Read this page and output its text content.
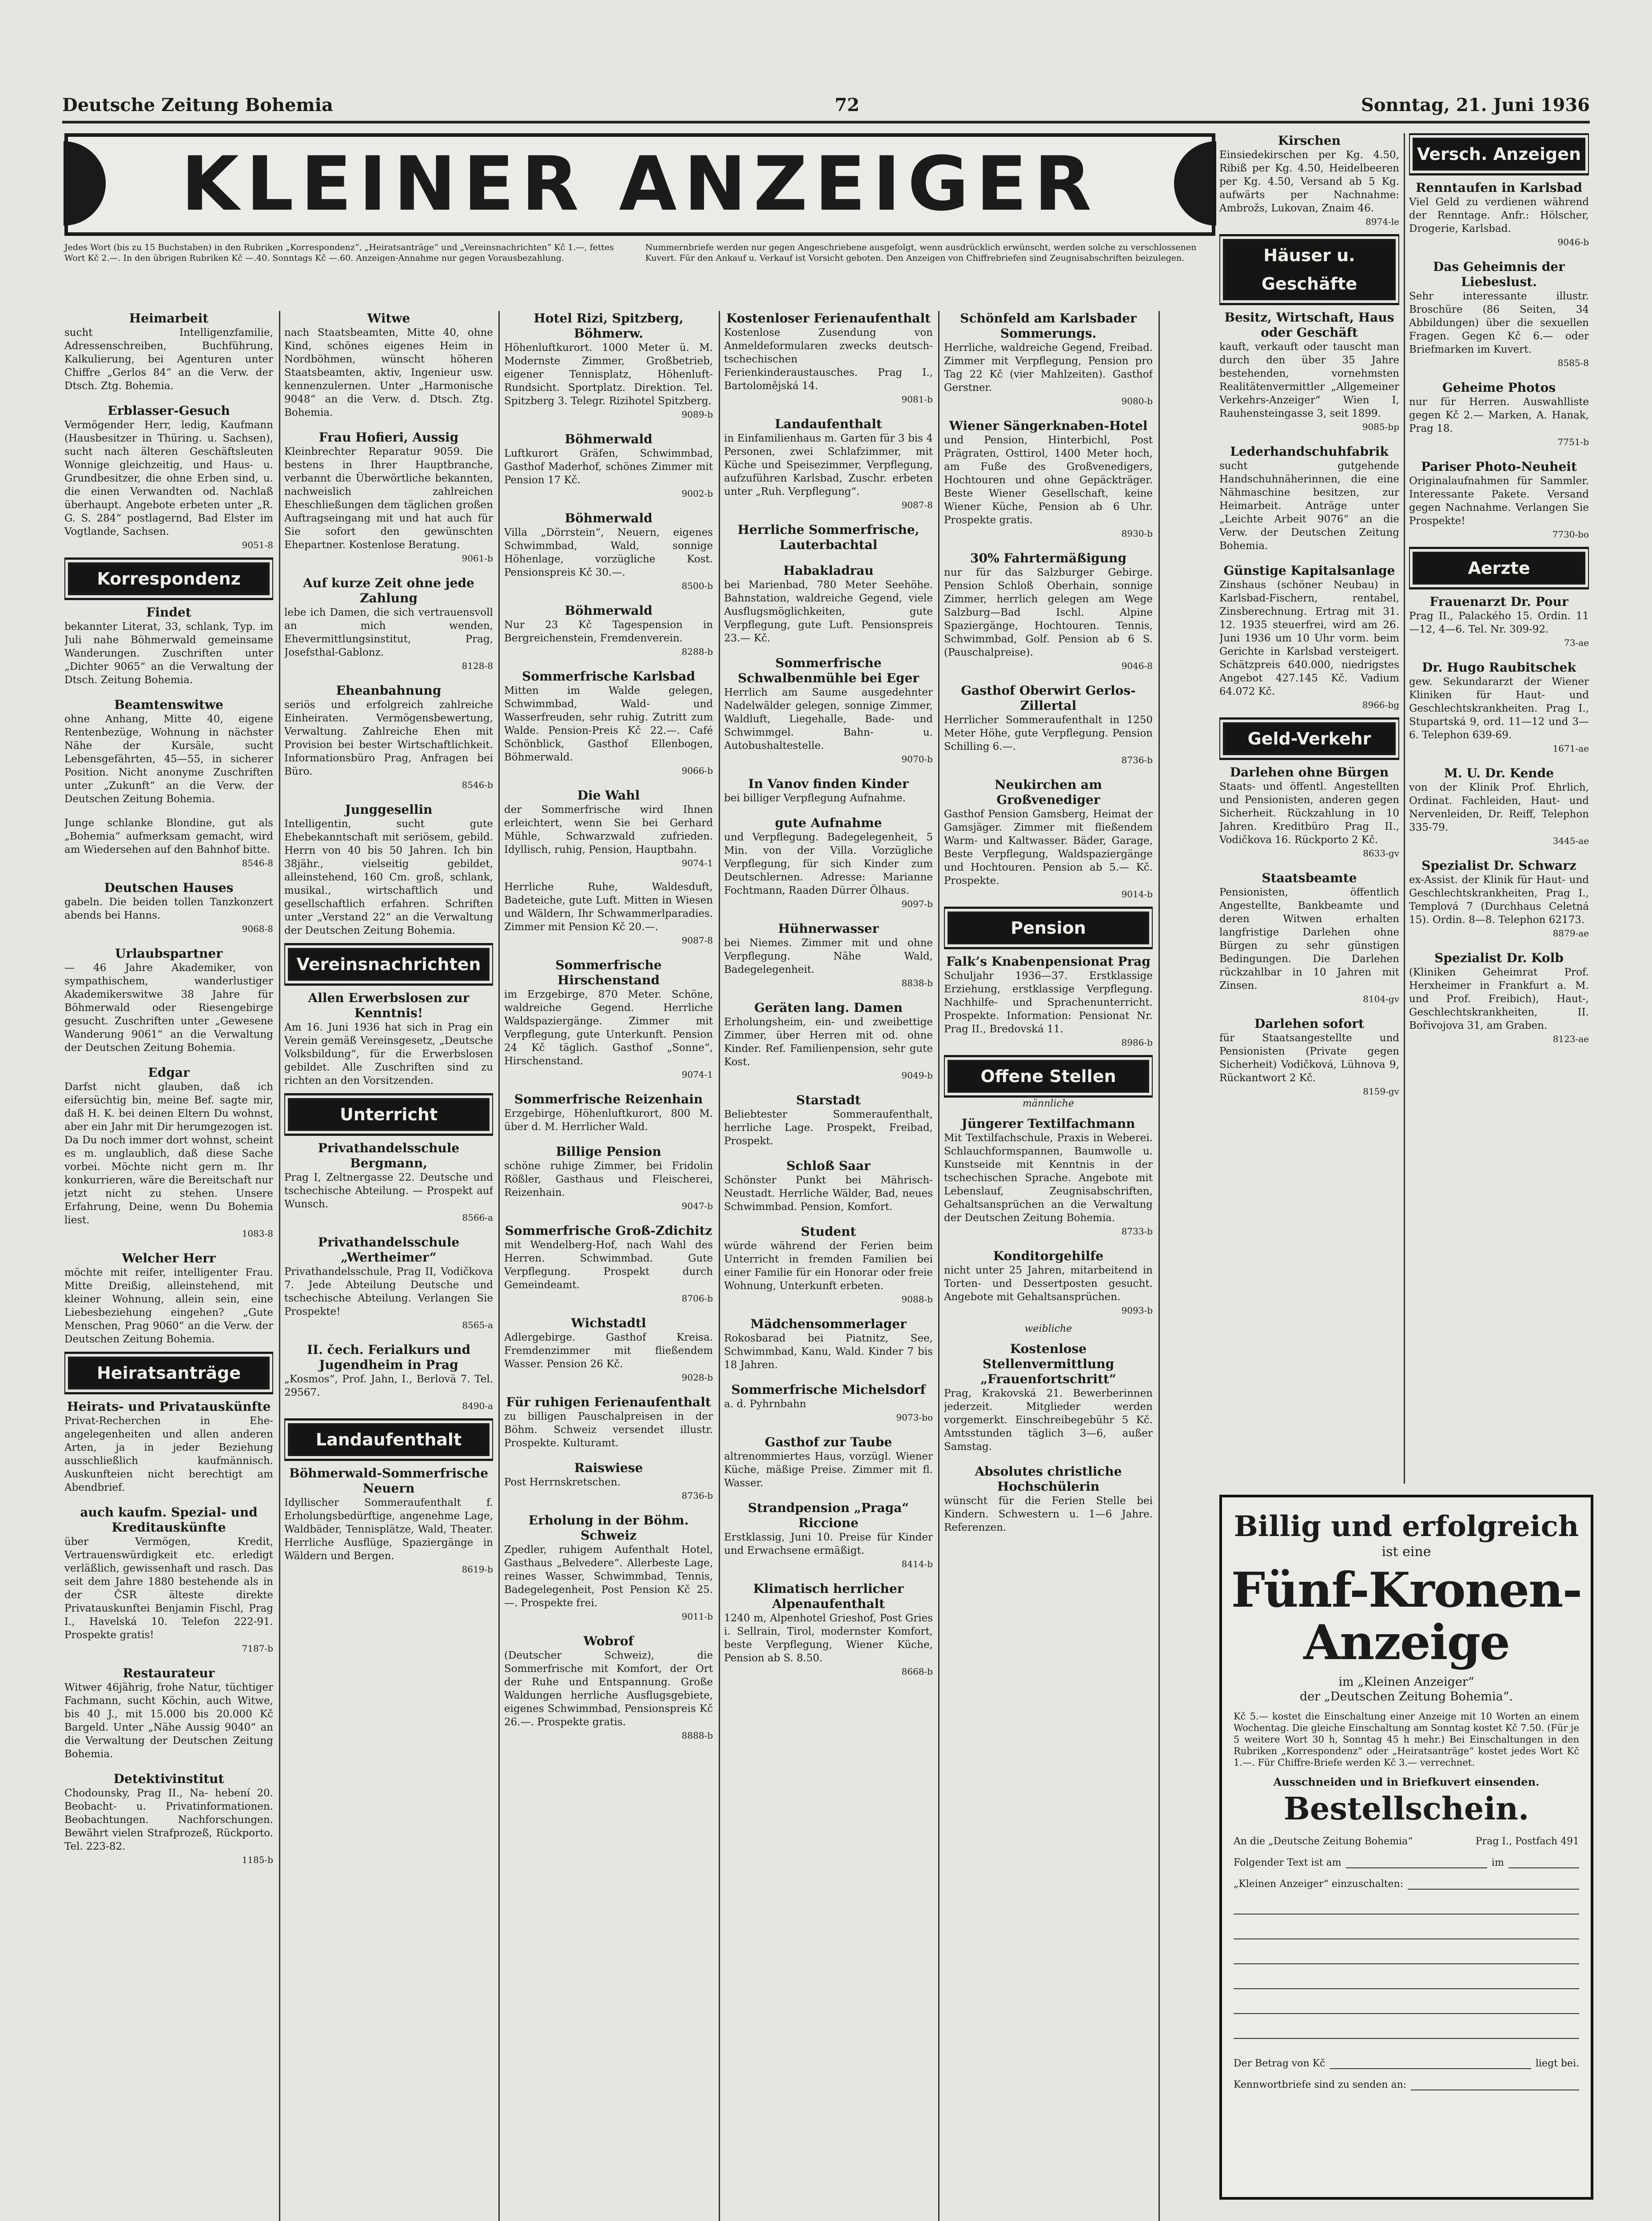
Deutsche Zeitung Bohemia	72	Sonntag, 21. Juni 1936
KLEINER ANZEIGER
Jedes Wort (bis zu 15 Buchstaben) in den Rubriken „Korrespondenz“, „Heiratsanträge“ und „Vereinsnachrichten“ Kč 1.—, fettes Wort Kč 2.—. In den übrigen Rubriken Kč —.40. Sonntags Kč —.60. Anzeigen-Annahme nur gegen Vorausbezahlung.
Nummernbriefe werden nur gegen Angeschriebene ausgefolgt, wenn ausdrücklich erwünscht, werden solche zu verschlossenen Kuvert. Für den Ankauf u. Verkauf ist Vorsicht geboten. Den Anzeigen von Chiffrebriefen sind Zeugnisabschriften beizulegen.
Heimarbeit
sucht Intelligenzfamilie, Adressenschreiben, Buchführung, Kalkulierung, bei Agenturen unter Chiffre „Gerlos 84“ an die Verw. der Dtsch. Ztg. Bohemia.
Erblasser-Gesuch
Vermögender Herr, ledig, Kaufmann (Hausbesitzer in Thüring. u. Sachsen), sucht nach älteren Geschäftsleuten Wonnige gleichzeitig, und Haus- u. Grundbesitzer, die ohne Erben sind, u. die einen Verwandten od. Nachlaß überhaupt. Angebote erbeten unter „R. G. S. 284“ postlagernd, Bad Elster im Vogtlande, Sachsen.
9051-8
Korrespondenz
Findet
bekannter Literat, 33, schlank, Typ. im Juli nahe Böhmerwald gemeinsame Wanderungen. Zuschriften unter „Dichter 9065“ an die Verwaltung der Dtsch. Zeitung Bohemia.
Beamtenswitwe
ohne Anhang, Mitte 40, eigene Rentenbezüge, Wohnung in nächster Nähe der Kursäle, sucht Lebensgefährten, 45—55, in sicherer Position. Nicht anonyme Zuschriften unter „Zukunft“ an die Verw. der Deutschen Zeitung Bohemia.
Junge schlanke Blondine, gut als „Bohemia“ aufmerksam gemacht, wird am Wiedersehen auf den Bahnhof bitte.
8546-8
Deutschen Hauses
gabeln. Die beiden tollen Tanzkonzert abends bei Hanns.
9068-8
Urlaubspartner
— 46 Jahre Akademiker, von sympathischem, wanderlustiger Akademikerswitwe 38 Jahre für Böhmerwald oder Riesengebirge gesucht. Zuschriften unter „Gewesene Wanderung 9061“ an die Verwaltung der Deutschen Zeitung Bohemia.
Edgar
Darfst nicht glauben, daß ich eifersüchtig bin, meine Bef. sagte mir, daß H. K. bei deinen Eltern Du wohnst, aber ein Jahr mit Dir herumgezogen ist. Da Du noch immer dort wohnst, scheint es m. unglaublich, daß diese Sache vorbei. Möchte nicht gern m. Ihr konkurrieren, wäre die Bereitschaft nur jetzt nicht zu stehen. Unsere Erfahrung, Deine, wenn Du Bohemia liest.
1083-8
Welcher Herr
möchte mit reifer, intelligenter Frau. Mitte Dreißig, alleinstehend, mit kleiner Wohnung, allein sein, eine Liebesbeziehung eingehen? „Gute Menschen, Prag 9060“ an die Verw. der Deutschen Zeitung Bohemia.
Heiratsanträge
Heirats- und Privatauskünfte
Privat-Recherchen in Ehe- angelegenheiten und allen anderen Arten, ja in jeder Beziehung ausschließlich kaufmännisch. Auskunfteien nicht berechtigt am Abendbrief.
auch kaufm. Spezial- und Kreditauskünfte
über Vermögen, Kredit, Vertrauenswürdigkeit etc. erledigt verläßlich, gewissenhaft und rasch. Das seit dem Jahre 1880 bestehende als in der ČSR älteste direkte Privatauskunftei Benjamin Fischl, Prag I., Havelská 10. Telefon 222-91. Prospekte gratis!
7187-b
Restaurateur
Witwer 46jährig, frohe Natur, tüchtiger Fachmann, sucht Köchin, auch Witwe, bis 40 J., mit 15.000 bis 20.000 Kč Bargeld. Unter „Nähe Aussig 9040“ an die Verwaltung der Deutschen Zeitung Bohemia.
Detektivinstitut
Chodounsky, Prag II., Na- hebení 20. Beobacht- u. Privatinformationen. Beobachtungen. Nachforschungen. Bewährt vielen Strafprozeß, Rückporto. Tel. 223-82.
1185-b
Witwe
nach Staatsbeamten, Mitte 40, ohne Kind, schönes eigenes Heim in Nordböhmen, wünscht höheren Staatsbeamten, aktiv, Ingenieur usw. kennenzulernen. Unter „Harmonische 9048“ an die Verw. d. Dtsch. Ztg. Bohemia.
Frau Hofieri, Aussig
Kleinbrechter Reparatur 9059. Die bestens in Ihrer Hauptbranche, verbannt die Überwörtliche bekannten, nachweislich zahlreichen Eheschließungen dem täglichen großen Auftragseingang mit und hat auch für Sie sofort den gewünschten Ehepartner. Kostenlose Beratung.
9061-b
Auf kurze Zeit ohne jede Zahlung
lebe ich Damen, die sich vertrauensvoll an mich wenden, Ehevermittlungsinstitut, Prag, Josefsthal-Gablonz.
8128-8
Eheanbahnung
seriös und erfolgreich zahlreiche Einheiraten. Vermögensbewertung, Verwaltung. Zahlreiche Ehen mit Provision bei bester Wirtschaftlichkeit. Informationsbüro Prag, Anfragen bei Büro.
8546-b
Junggesellin
Intelligentin, sucht gute Ehebekanntschaft mit seriösem, gebild. Herrn von 40 bis 50 Jahren. Ich bin 38jähr., vielseitig gebildet, alleinstehend, 160 Cm. groß, schlank, musikal., wirtschaftlich und gesellschaftlich erfahren. Schriften unter „Verstand 22“ an die Verwaltung der Deutschen Zeitung Bohemia.
Vereinsnachrichten
Allen Erwerbslosen zur Kenntnis!
Am 16. Juni 1936 hat sich in Prag ein Verein gemäß Vereinsgesetz, „Deutsche Volksbildung“, für die Erwerbslosen gebildet. Alle Zuschriften sind zu richten an den Vorsitzenden.
Unterricht
Privathandelsschule Bergmann,
Prag I, Zeltnergasse 22. Deutsche und tschechische Abteilung. — Prospekt auf Wunsch.
8566-a
Privathandelsschule „Wertheimer“
Privathandelsschule, Prag II, Vodičkova 7. Jede Abteilung Deutsche und tschechische Abteilung. Verlangen Sie Prospekte!
8565-a
II. čech. Ferialkurs und Jugendheim in Prag
„Kosmos“, Prof. Jahn, I., Berlovä 7. Tel. 29567.
8490-a
Landaufenthalt
Böhmerwald-Sommerfrische Neuern
Idyllischer Sommeraufenthalt f. Erholungsbedürftige, angenehme Lage, Waldbäder, Tennisplätze, Wald, Theater. Herrliche Ausflüge, Spaziergänge in Wäldern und Bergen.
8619-b
Hotel Rizi, Spitzberg, Böhmerw.
Höhenluftkurort. 1000 Meter ü. M. Modernste Zimmer, Großbetrieb, eigener Tennisplatz, Höhenluft-Rundsicht. Sportplatz. Direktion. Tel. Spitzberg 3. Telegr. Rizihotel Spitzberg.
9089-b
Böhmerwald
Luftkurort Gräfen, Schwimmbad, Gasthof Maderhof, schönes Zimmer mit Pension 17 Kč.
9002-b
Böhmerwald
Villa „Dörrstein“, Neuern, eigenes Schwimmbad, Wald, sonnige Höhenlage, vorzügliche Kost. Pensionspreis Kč 30.—.
8500-b
Böhmerwald
Nur 23 Kč Tagespension in Bergreichenstein, Fremdenverein.
8288-b
Sommerfrische Karlsbad
Mitten im Walde gelegen, Schwimmbad, Wald- und Wasserfreuden, sehr ruhig. Zutritt zum Walde. Pension-Preis Kč 22.—. Café Schönblick, Gasthof Ellenbogen, Böhmerwald.
9066-b
Die Wahl
der Sommerfrische wird Ihnen erleichtert, wenn Sie bei Gerhard Mühle, Schwarzwald zufrieden. Idyllisch, ruhig, Pension, Hauptbahn.
9074-1
Herrliche Ruhe, Waldesduft, Badeteiche, gute Luft. Mitten in Wiesen und Wäldern, Ihr Schwammerlparadies. Zimmer mit Pension Kč 20.—.
9087-8
Sommerfrische Hirschenstand
im Erzgebirge, 870 Meter. Schöne, waldreiche Gegend. Herrliche Waldspaziergänge. Zimmer mit Verpflegung, gute Unterkunft. Pension 24 Kč täglich. Gasthof „Sonne“, Hirschenstand.
9074-1
Sommerfrische Reizenhain
Erzgebirge, Höhenluftkurort, 800 M. über d. M. Herrlicher Wald.
Billige Pension
schöne ruhige Zimmer, bei Fridolin Rößler, Gasthaus und Fleischerei, Reizenhain.
9047-b
Sommerfrische Groß-Zdichitz
mit Wendelberg-Hof, nach Wahl des Herren. Schwimmbad. Gute Verpflegung. Prospekt durch Gemeindeamt.
8706-b
Wichstadtl
Adlergebirge. Gasthof Kreisa. Fremdenzimmer mit fließendem Wasser. Pension 26 Kč.
9028-b
Für ruhigen Ferienaufenthalt
zu billigen Pauschalpreisen in der Böhm. Schweiz versendet illustr. Prospekte. Kulturamt.
Raiswiese
Post Herrnskretschen.
8736-b
Erholung in der Böhm. Schweiz
Zpedler, ruhigem Aufenthalt Hotel, Gasthaus „Belvedere“. Allerbeste Lage, reines Wasser, Schwimmbad, Tennis, Badegelegenheit, Post Pension Kč 25.—. Prospekte frei.
9011-b
Wobrof
(Deutscher Schweiz), die Sommerfrische mit Komfort, der Ort der Ruhe und Entspannung. Große Waldungen herrliche Ausflugsgebiete, eigenes Schwimmbad, Pensionspreis Kč 26.—. Prospekte gratis.
8888-b
Kostenloser Ferienaufenthalt
Kostenlose Zusendung von Anmeldeformularen zwecks deutsch-tschechischen Ferienkinderaustausches. Prag I., Bartolomějská 14.
9081-b
Landaufenthalt
in Einfamilienhaus m. Garten für 3 bis 4 Personen, zwei Schlafzimmer, mit Küche und Speisezimmer, Verpflegung, aufzuführen Karlsbad, Zuschr. erbeten unter „Ruh. Verpflegung“.
9087-8
Herrliche Sommerfrische, Lauterbachtal
Habakladrau
bei Marienbad, 780 Meter Seehöhe. Bahnstation, waldreiche Gegend, viele Ausflugsmöglichkeiten, gute Verpflegung, gute Luft. Pensionspreis 23.— Kč.
Sommerfrische Schwalbenmühle bei Eger
Herrlich am Saume ausgedehnter Nadelwälder gelegen, sonnige Zimmer, Waldluft, Liegehalle, Bade- und Schwimmgel. Bahn- u. Autobushaltestelle.
9070-b
In Vanov finden Kinder
bei billiger Verpflegung Aufnahme.
gute Aufnahme
und Verpflegung. Badegelegenheit, 5 Min. von der Villa. Vorzügliche Verpflegung, für sich Kinder zum Deutschlernen. Adresse: Marianne Fochtmann, Raaden Dürrer Ölhaus.
9097-b
Hühnerwasser
bei Niemes. Zimmer mit und ohne Verpflegung. Nähe Wald, Badegelegenheit.
8838-b
Geräten lang. Damen
Erholungsheim, ein- und zweibettige Zimmer, über Herren mit od. ohne Kinder. Ref. Familienpension, sehr gute Kost.
9049-b
Starstadt
Beliebtester Sommeraufenthalt, herrliche Lage. Prospekt, Freibad, Prospekt.
Schloß Saar
Schönster Punkt bei Mährisch-Neustadt. Herrliche Wälder, Bad, neues Schwimmbad. Pension, Komfort.
Student
würde während der Ferien beim Unterricht in fremden Familien bei einer Familie für ein Honorar oder freie Wohnung, Unterkunft erbeten.
9088-b
Mädchensommerlager
Rokosbarad bei Piatnitz, See, Schwimmbad, Kanu, Wald. Kinder 7 bis 18 Jahren.
Sommerfrische Michelsdorf
a. d. Pyhrnbahn
9073-bo
Gasthof zur Taube
altrenommiertes Haus, vorzügl. Wiener Küche, mäßige Preise. Zimmer mit fl. Wasser.
Strandpension „Praga“ Riccione
Erstklassig, Juni 10. Preise für Kinder und Erwachsene ermäßigt.
8414-b
Klimatisch herrlicher Alpenaufenthalt
1240 m, Alpenhotel Grieshof, Post Gries i. Sellrain, Tirol, modernster Komfort, beste Verpflegung, Wiener Küche, Pension ab S. 8.50.
8668-b
Schönfeld am Karlsbader Sommerungs.
Herrliche, waldreiche Gegend, Freibad. Zimmer mit Verpflegung, Pension pro Tag 22 Kč (vier Mahlzeiten). Gasthof Gerstner.
9080-b
Wiener Sängerknaben-Hotel
und Pension, Hinterbichl, Post Prägraten, Osttirol, 1400 Meter hoch, am Fuße des Großvenedigers, Hochtouren und ohne Gepäckträger. Beste Wiener Gesellschaft, keine Wiener Küche, Pension ab 6 Uhr. Prospekte gratis.
8930-b
30% Fahrtermäßigung
nur für das Salzburger Gebirge. Pension Schloß Oberhain, sonnige Zimmer, herrlich gelegen am Wege Salzburg—Bad Ischl. Alpine Spaziergänge, Hochtouren. Tennis, Schwimmbad, Golf. Pension ab 6 S. (Pauschalpreise).
9046-8
Gasthof Oberwirt Gerlos-Zillertal
Herrlicher Sommeraufenthalt in 1250 Meter Höhe, gute Verpflegung. Pension Schilling 6.—.
8736-b
Neukirchen am Großvenediger
Gasthof Pension Gamsberg, Heimat der Gamsjäger. Zimmer mit fließendem Warm- und Kaltwasser. Bäder, Garage, Beste Verpflegung, Waldspaziergänge und Hochtouren. Pension ab 5.— Kč. Prospekte.
9014-b
Pension
Falk’s Knabenpensionat Prag
Schuljahr 1936—37. Erstklassige Erziehung, erstklassige Verpflegung. Nachhilfe- und Sprachenunterricht. Prospekte. Information: Pensionat Nr. Prag II., Bredovská 11.
8986-b
Offene Stellen
männliche
Jüngerer Textilfachmann
Mit Textilfachschule, Praxis in Weberei. Schlauchformspannen, Baumwolle u. Kunstseide mit Kenntnis in der tschechischen Sprache. Angebote mit Lebenslauf, Zeugnisabschriften, Gehaltsansprüchen an die Verwaltung der Deutschen Zeitung Bohemia.
8733-b
Konditorgehilfe
nicht unter 25 Jahren, mitarbeitend in Torten- und Dessertposten gesucht. Angebote mit Gehaltsansprüchen.
9093-b
weibliche
Kostenlose Stellenvermittlung „Frauenfortschritt“
Prag, Krakovská 21. Bewerberinnen jederzeit. Mitglieder werden vorgemerkt. Einschreibegebühr 5 Kč. Amtsstunden täglich 3—6, außer Samstag.
Absolutes christliche Hochschülerin
wünscht für die Ferien Stelle bei Kindern. Schwestern u. 1—6 Jahre. Referenzen.
Kirschen
Einsiedekirschen per Kg. 4.50, Ribiß per Kg. 4.50, Heidelbeeren per Kg. 4.50, Versand ab 5 Kg. aufwärts per Nachnahme: Ambrožs, Lukovan, Znaim 46.
8974-le
Häuser u. Geschäfte
Besitz, Wirtschaft, Haus oder Geschäft
kauft, verkauft oder tauscht man durch den über 35 Jahre bestehenden, vornehmsten Realitätenvermittler „Allgemeiner Verkehrs-Anzeiger“ Wien I, Rauhensteingasse 3, seit 1899.
9085-bp
Lederhandschuhfabrik
sucht gutgehende Handschuhnäherinnen, die eine Nähmaschine besitzen, zur Heimarbeit. Anträge unter „Leichte Arbeit 9076“ an die Verw. der Deutschen Zeitung Bohemia.
Günstige Kapitalsanlage
Zinshaus (schöner Neubau) in Karlsbad-Fischern, rentabel, Zinsberechnung. Ertrag mit 31. 12. 1935 steuerfrei, wird am 26. Juni 1936 um 10 Uhr vorm. beim Gerichte in Karlsbad versteigert. Schätzpreis 640.000, niedrigstes Angebot 427.145 Kč. Vadium 64.072 Kč.
8966-bg
Geld-Verkehr
Darlehen ohne Bürgen
Staats- und öffentl. Angestellten und Pensionisten, anderen gegen Sicherheit. Rückzahlung in 10 Jahren. Kreditbüro Prag II., Vodičkova 16. Rückporto 2 Kč.
8633-gv
Staatsbeamte
Pensionisten, öffentlich Angestellte, Bankbeamte und deren Witwen erhalten langfristige Darlehen ohne Bürgen zu sehr günstigen Bedingungen. Die Darlehen rückzahlbar in 10 Jahren mit Zinsen.
8104-gv
Darlehen sofort
für Staatsangestellte und Pensionisten (Private gegen Sicherheit) Vodičková, Lühnova 9, Rückantwort 2 Kč.
8159-gv
Versch. Anzeigen
Renntaufen in Karlsbad
Viel Geld zu verdienen während der Renntage. Anfr.: Hölscher, Drogerie, Karlsbad.
9046-b
Das Geheimnis der Liebeslust.
Sehr interessante illustr. Broschüre (86 Seiten, 34 Abbildungen) über die sexuellen Fragen. Gegen Kč 6.— oder Briefmarken im Kuvert.
8585-8
Geheime Photos
nur für Herren. Auswahlliste gegen Kč 2.— Marken, A. Hanak, Prag 18.
7751-b
Pariser Photo-Neuheit
Originalaufnahmen für Sammler. Interessante Pakete. Versand gegen Nachnahme. Verlangen Sie Prospekte!
7730-bo
Aerzte
Frauenarzt Dr. Pour
Prag II., Palackého 15. Ordin. 11—12, 4—6. Tel. Nr. 309-92.
73-ae
Dr. Hugo Raubitschek
gew. Sekundararzt der Wiener Kliniken für Haut- und Geschlechtskrankheiten. Prag I., Stupartská 9, ord. 11—12 und 3—6. Telephon 639-69.
1671-ae
M. U. Dr. Kende
von der Klinik Prof. Ehrlich, Ordinat. Fachleiden, Haut- und Nervenleiden, Dr. Reiff, Telephon 335-79.
3445-ae
Spezialist Dr. Schwarz
ex-Assist. der Klinik für Haut- und Geschlechtskrankheiten, Prag I., Templová 7 (Durchhaus Celetná 15). Ordin. 8—8. Telephon 62173.
8879-ae
Spezialist Dr. Kolb
(Kliniken Geheimrat Prof. Herxheimer in Frankfurt a. M. und Prof. Freibich), Haut-, Geschlechtskrankheiten, II. Bořivojova 31, am Graben.
8123-ae
Billig und erfolgreich
ist eine
Fünf-Kronen-Anzeige
im „Kleinen Anzeiger“
der „Deutschen Zeitung Bohemia“.
Kč 5.— kostet die Einschaltung einer Anzeige mit 10 Worten an einem Wochentag. Die gleiche Einschaltung am Sonntag kostet Kč 7.50. (Für je 5 weitere Wort 30 h, Sonntag 45 h mehr.) Bei Einschaltungen in den Rubriken „Korrespondenz“ oder „Heiratsanträge“ kostet jedes Wort Kč 1.—. Für Chiffre-Briefe werden Kč 3.— verrechnet.
Ausschneiden und in Briefkuvert einsenden.
Bestellschein.
An die „Deutsche Zeitung Bohemia“	Prag I., Postfach 491
Folgender Text ist am	im
„Kleinen Anzeiger“ einzuschalten:
Der Betrag von Kč	liegt bei.
Kennwortbriefe sind zu senden an:
